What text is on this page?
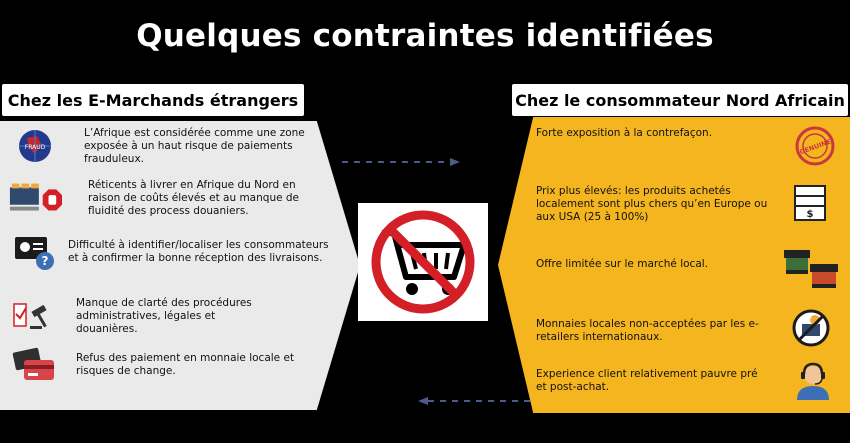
Quelques contraintes identifiées
Chez les E-Marchands étrangers	Chez le consommateur Nord Africain
FRAUD
L’Afrique est considérée comme une zone exposée à un haut risque de paiements frauduleux.
Réticents à livrer en Afrique du Nord en raison de coûts élevés et au manque de fluidité des process douaniers.
?
Difficulté à identifier/localiser les consommateurs et à confirmer la bonne réception des livraisons.
Manque de clarté des procédures administratives, légales et douanières.
Refus des paiement en monnaie locale et risques de change.
Forte exposition à la contrefaçon.
GENUINE
Prix plus élevés: les produits achetés localement sont plus chers qu’en Europe ou aux USA (25 à 100%)	$
Offre limitée sur le marché local.
Monnaies locales non-acceptées par les e-retailers internationaux.
Experience client relativement pauvre pré et post-achat.
